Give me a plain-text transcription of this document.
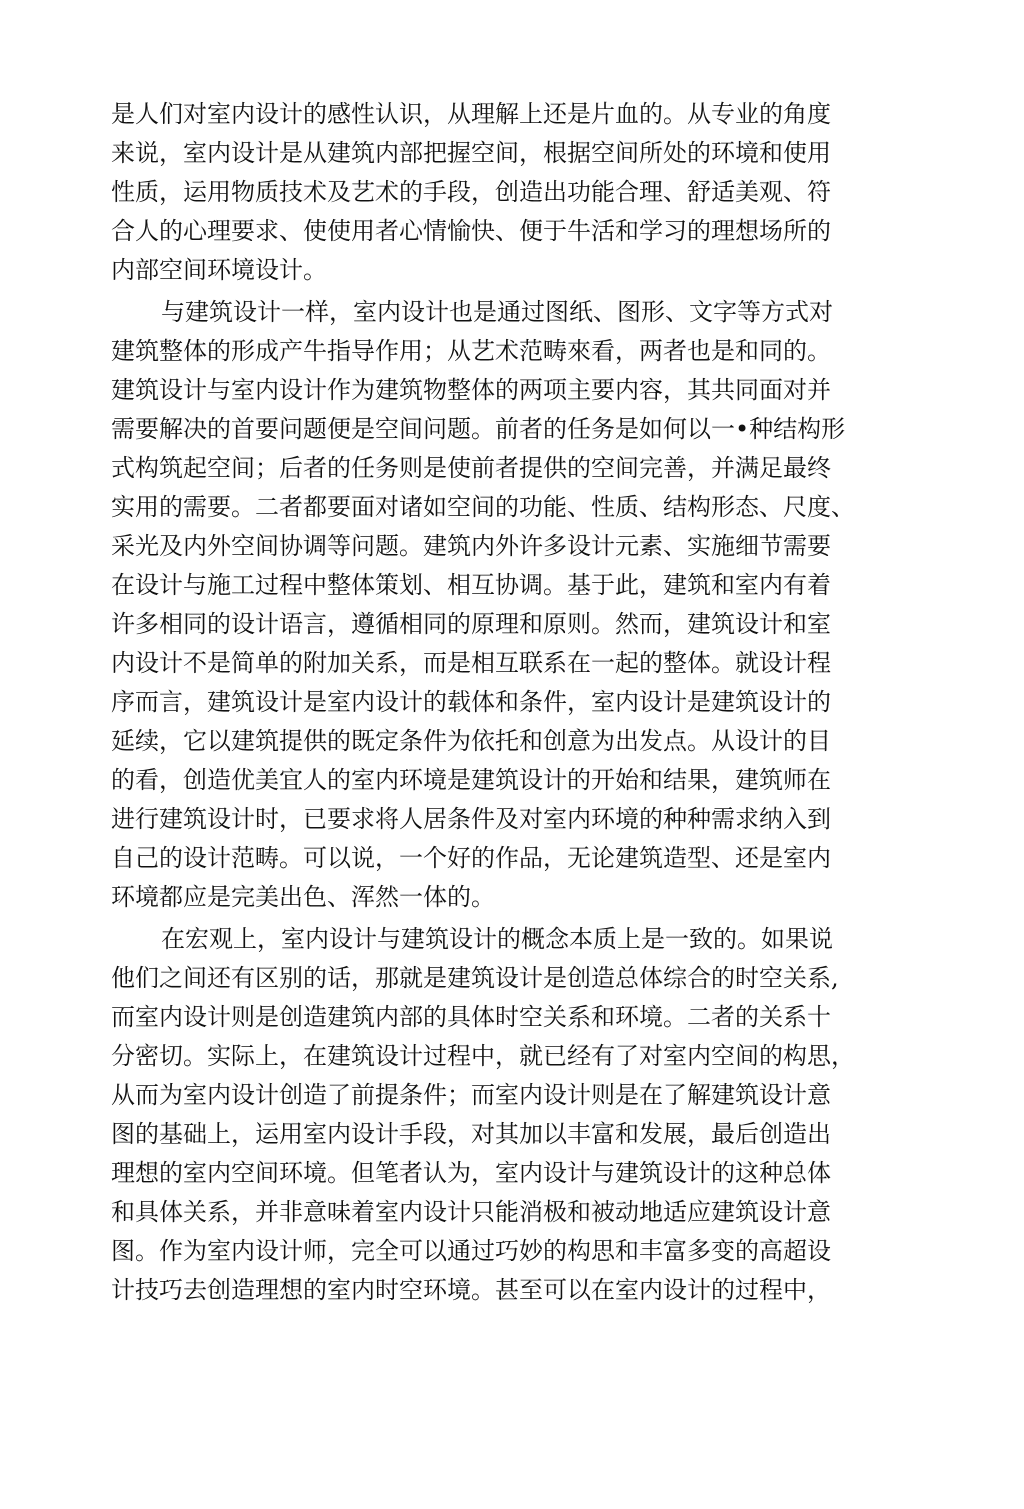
是人们对室内设计的感性认识，从理解上还是片血的。从专业的角度
来说，室内设计是从建筑内部把握空间，根据空间所处的环境和使用
性质，运用物质技术及艺术的手段，创造出功能合理、舒适美观、符
合人的心理要求、使使用者心情愉快、便于牛活和学习的理想场所的
内部空间环境设计。
与建筑设计一样，室内设计也是通过图纸、图形、文字等方式对
建筑整体的形成产牛指导作用；从艺术范畴來看，两者也是和同的。
建筑设计与室内设计作为建筑物整体的两项主要内容，其共同面对并
需要解决的首要问题便是空间问题。前者的任务是如何以一•种结构形
式构筑起空间；后者的任务则是使前者提供的空间完善，并满足最终
实用的需要。二者都要面对诸如空间的功能、性质、结构形态、尺度、
采光及内外空间协调等问题。建筑内外许多设计元素、实施细节需要
在设计与施工过程中整体策划、相互协调。基于此，建筑和室内有着
许多相同的设计语言，遵循相同的原理和原则。然而，建筑设计和室
内设计不是简单的附加关系，而是相互联系在一起的整体。就设计程
序而言，建筑设计是室内设计的载体和条件，室内设计是建筑设计的
延续，它以建筑提供的既定条件为依托和创意为出发点。从设计的目
的看，创造优美宜人的室内环境是建筑设计的开始和结果，建筑师在
进行建筑设计时，已要求将人居条件及对室内环境的种种需求纳入到
自己的设计范畴。可以说，一个好的作品，无论建筑造型、还是室内
环境都应是完美出色、浑然一体的。
在宏观上，室内设计与建筑设计的概念本质上是一致的。如果说
他们之间还有区别的话，那就是建筑设计是创造总体综合的时空关系,
而室内设计则是创造建筑内部的具体时空关系和环境。二者的关系十
分密切。实际上，在建筑设计过程中，就已经有了对室内空间的构思，
从而为室内设计创造了前提条件；而室内设计则是在了解建筑设计意
图的基础上，运用室内设计手段，对其加以丰富和发展，最后创造出
理想的室内空间环境。但笔者认为，室内设计与建筑设计的这种总体
和具体关系，并非意味着室内设计只能消极和被动地适应建筑设计意
图。作为室内设计师，完全可以通过巧妙的构思和丰富多变的高超设
计技巧去创造理想的室内时空环境。甚至可以在室内设计的过程中，
